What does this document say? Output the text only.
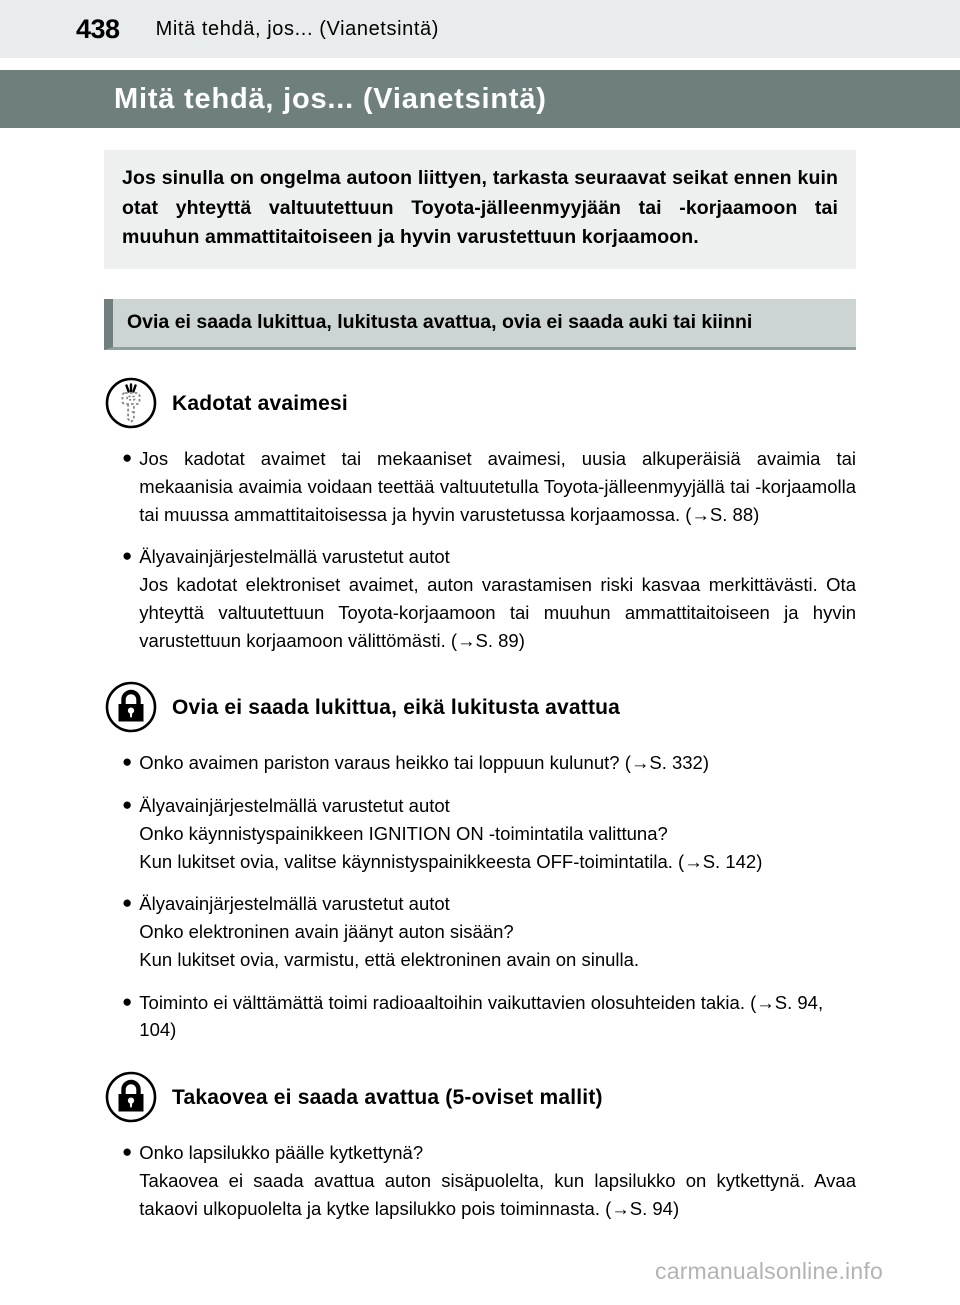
438 Mitä tehdä, jos... (Vianetsintä)
Mitä tehdä, jos... (Vianetsintä)

Jos sinulla on ongelma autoon liittyen, tarkasta seuraavat seikat ennen kuin otat yhteyttä valtuutettuun Toyota-jälleenmyyjään tai -korjaamoon tai muuhun ammattitaitoiseen ja hyvin varustettuun korjaamoon.

Ovia ei saada lukittua, lukitusta avattua, ovia ei saada auki tai kiinni
Kadotat avaimesi
● Jos kadotat avaimet tai mekaaniset avaimesi, uusia alkuperäisiä avaimia tai mekaanisia avaimia voidaan teettää valtuutetulla Toyota-jälleenmyyjällä tai -korjaamolla tai muussa ammattitaitoisessa ja hyvin varustetussa korjaamossa. (→S. 88)

● Älyavainjärjestelmällä varustetut autot

Jos kadotat elektroniset avaimet, auton varastamisen riski kasvaa merkittävästi. Ota yhteyttä valtuutettuun Toyota-korjaamoon tai muuhun ammattitaitoiseen ja hyvin varustettuun korjaamoon välittömästi. (→S. 89)

Ovia ei saada lukittua, eikä lukitusta avattua
● Onko avaimen pariston varaus heikko tai loppuun kulunut? (→S. 332)

● Älyavainjärjestelmällä varustetut autot

Onko käynnistyspainikkeen IGNITION ON -toimintatila valittuna?

Kun lukitset ovia, valitse käynnistyspainikkeesta OFF-toimintatila. (→S. 142)

● Älyavainjärjestelmällä varustetut autot

Onko elektroninen avain jäänyt auton sisään?

Kun lukitset ovia, varmistu, että elektroninen avain on sinulla.

● Toiminto ei välttämättä toimi radioaaltoihin vaikuttavien olosuhteiden takia. (→S. 94, 104)

Takaovea ei saada avattua (5-oviset mallit)
● Onko lapsilukko päälle kytkettynä?

Takaovea ei saada avattua auton sisäpuolelta, kun lapsilukko on kytkettynä. Avaa takaovi ulkopuolelta ja kytke lapsilukko pois toiminnasta. (→S. 94)

carmanualsonline.info
